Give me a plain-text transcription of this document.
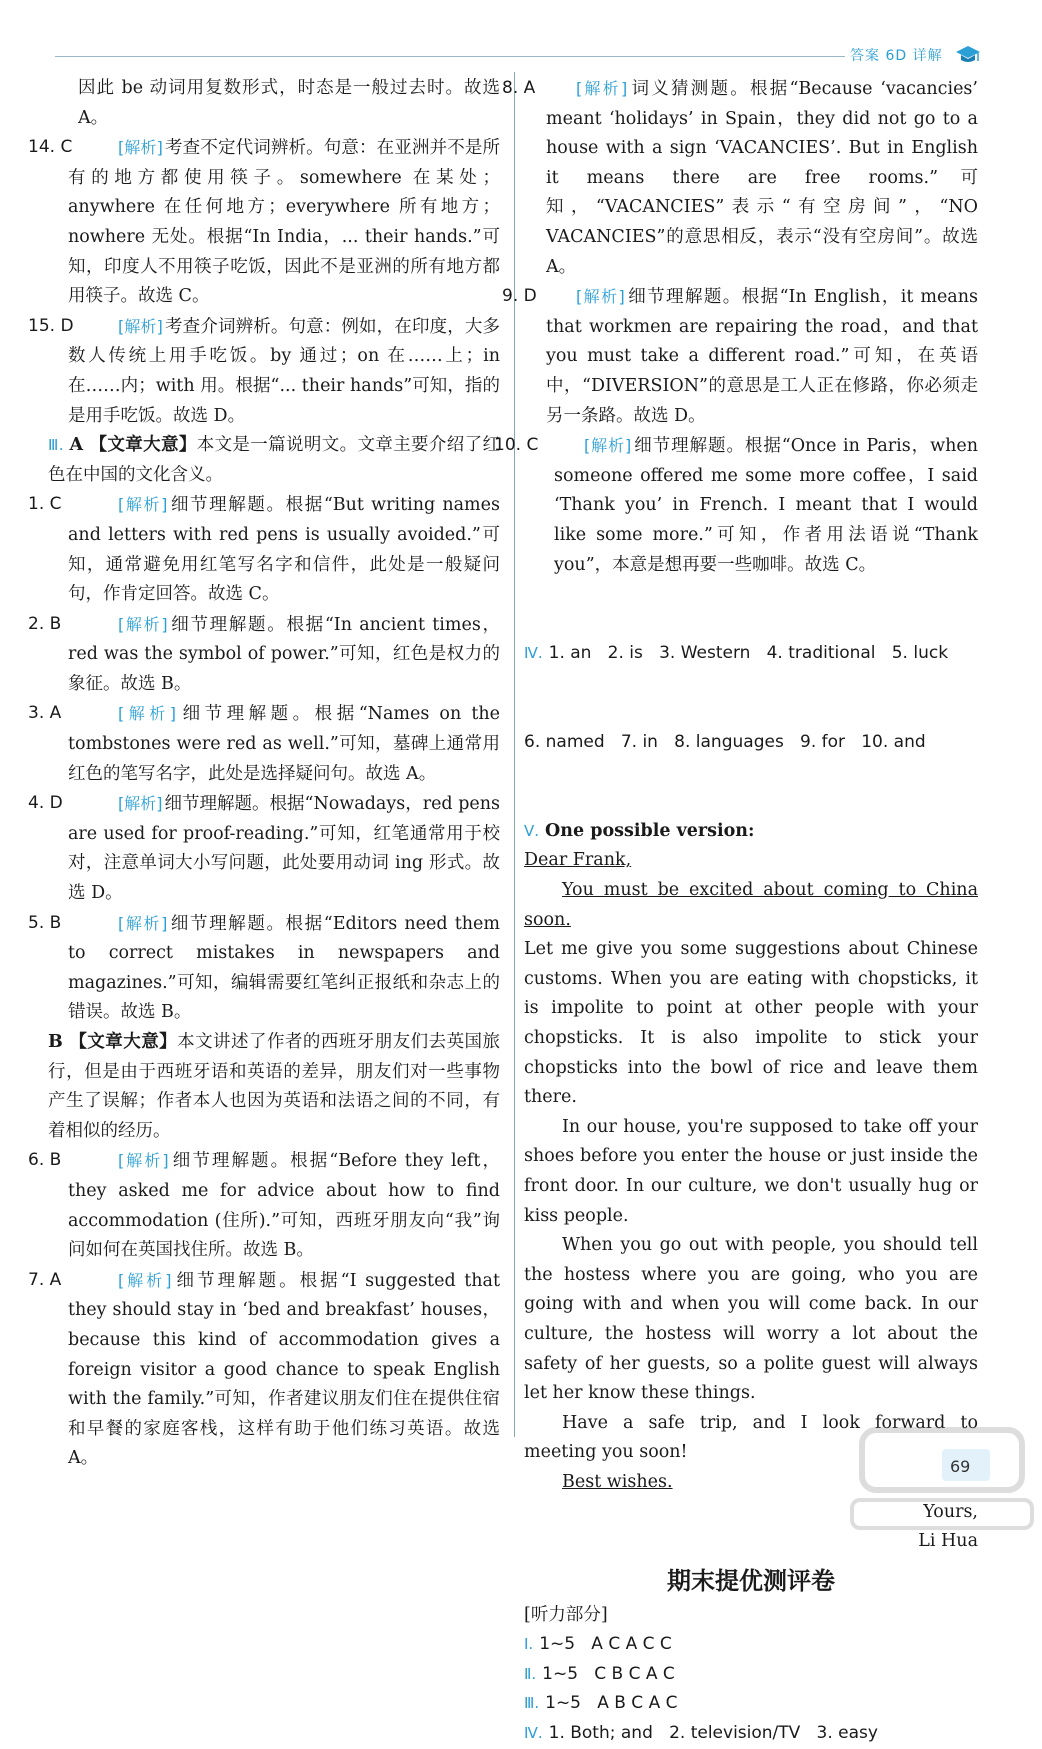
答案 6D 详解
因此 be 动词用复数形式，时态是一般过去时。故选 A。
14. C	[解析] 考查不定代词辨析。句意：在亚洲并不是所有的地方都使用筷子。somewhere 在某处；anywhere 在任何地方；everywhere 所有地方；nowhere 无处。根据“In India，... their hands.”可知，印度人不用筷子吃饭，因此不是亚洲的所有地方都用筷子。故选 C。
15. D	[解析] 考查介词辨析。句意：例如，在印度，大多数人传统上用手吃饭。by 通过；on 在……上；in 在……内；with 用。根据“... their hands”可知，指的是用手吃饭。故选 D。
Ⅲ. A 【文章大意】本文是一篇说明文。文章主要介绍了红色在中国的文化含义。
1. C	[解析] 细节理解题。根据“But writing names and letters with red pens is usually avoided.”可知，通常避免用红笔写名字和信件，此处是一般疑问句，作肯定回答。故选 C。
2. B	[解析] 细节理解题。根据“In ancient times，red was the symbol of power.”可知，红色是权力的象征。故选 B。
3. A	[解析] 细节理解题。根据“Names on the tombstones were red as well.”可知，墓碑上通常用红色的笔写名字，此处是选择疑问句。故选 A。
4. D	[解析] 细节理解题。根据“Nowadays，red pens are used for proof-reading.”可知，红笔通常用于校对，注意单词大小写问题，此处要用动词 ing 形式。故选 D。
5. B	[解析] 细节理解题。根据“Editors need them to correct mistakes in newspapers and magazines.”可知，编辑需要红笔纠正报纸和杂志上的错误。故选 B。
B 【文章大意】本文讲述了作者的西班牙朋友们去英国旅行，但是由于西班牙语和英语的差异，朋友们对一些事物产生了误解；作者本人也因为英语和法语之间的不同，有着相似的经历。
6. B	[解析] 细节理解题。根据“Before they left，they asked me for advice about how to find accommodation (住所).”可知，西班牙朋友向“我”询问如何在英国找住所。故选 B。
7. A	[解析] 细节理解题。根据“I suggested that they should stay in ‘bed and breakfast’ houses，because this kind of accommodation gives a foreign visitor a good chance to speak English with the family.”可知，作者建议朋友们住在提供住宿和早餐的家庭客栈，这样有助于他们练习英语。故选 A。
8. A	[解析] 词义猜测题。根据“Because ‘vacancies’ meant ‘holidays’ in Spain，they did not go to a house with a sign ‘VACANCIES’. But in English it means there are free rooms.”可知，“VACANCIES”表示“有空房间”，“NO VACANCIES”的意思相反，表示“没有空房间”。故选 A。
9. D [解析] 细节理解题。根据“In English，it means that workmen are repairing the road，and that you must take a different road.”可知，在英语中，“DIVERSION”的意思是工人正在修路，你必须走另一条路。故选 D。
10. C	[解析] 细节理解题。根据“Once in Paris，when someone offered me some more coffee，I said ‘Thank you’ in French. I meant that I would like some more.”可知，作者用法语说“Thank you”，本意是想再要一些咖啡。故选 C。

Ⅳ. 1. an   2. is   3. Western   4. traditional   5. luck

6. named   7. in   8. languages   9. for   10. and

Ⅴ. One possible version:
Dear Frank,
You must be excited about coming to China soon.
Let me give you some suggestions about Chinese customs. When you are eating with chopsticks, it is impolite to point at other people with your chopsticks. It is also impolite to stick your chopsticks into the bowl of rice and leave them there.
In our house, you're supposed to take off your shoes before you enter the house or just inside the front door. In our culture, we don't usually hug or kiss people.
When you go out with people, you should tell the hostess where you are going, who you are going with and when you will come back. In our culture, the hostess will worry a lot about the safety of her guests, so a polite guest will always let her know these things.
Have a safe trip, and I look forward to meeting you soon!
Best wishes.
Yours,
Li Hua
期末提优测评卷
[听力部分]
Ⅰ. 1~5   A C A C C
Ⅱ. 1~5   C B C A C
Ⅲ. 1~5   A B C A C
Ⅳ. 1. Both; and   2. television/TV   3. easy
69
